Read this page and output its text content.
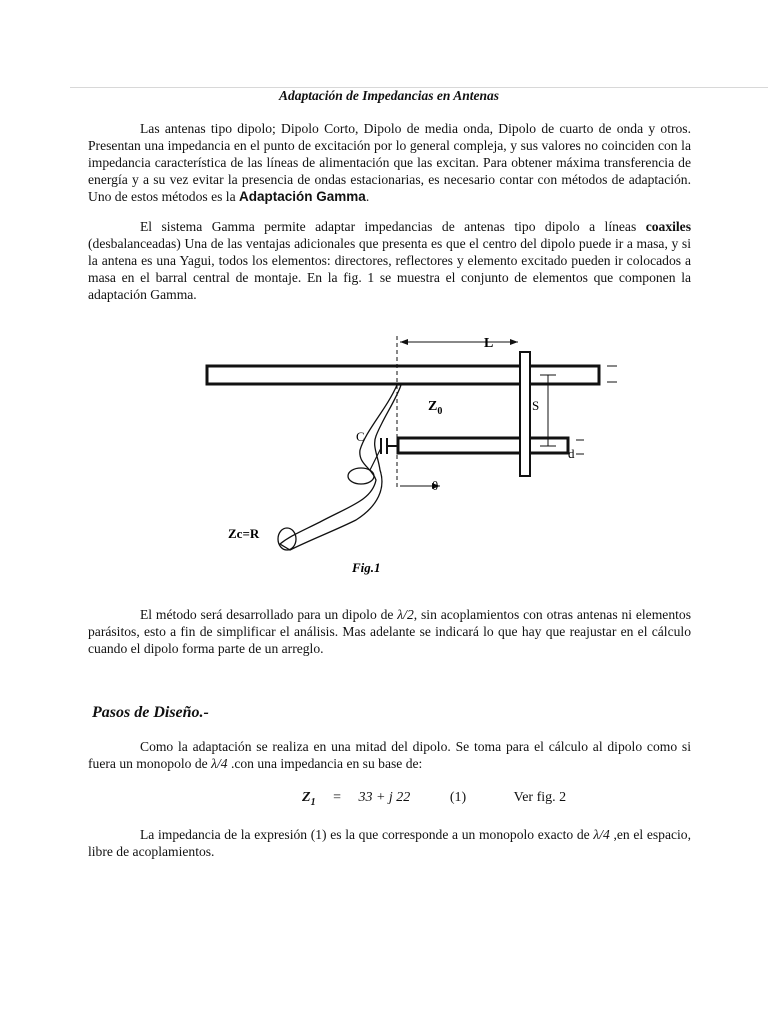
Adaptación de Impedancias en Antenas

Las antenas tipo dipolo; Dipolo Corto, Dipolo de media onda, Dipolo de cuarto de onda y otros. Presentan una impedancia en el punto de excitación por lo general compleja, y sus valores no coinciden con la impedancia característica de las líneas de alimentación que las excitan. Para obtener máxima transferencia de energía y a su vez evitar la presencia de ondas estacionarias, es necesario contar con métodos de adaptación. Uno de estos métodos es la Adaptación Gamma.

El sistema Gamma permite adaptar impedancias de antenas tipo dipolo a líneas coaxiles (desbalanceadas) Una de las ventajas adicionales que presenta es que el centro del dipolo puede ir a masa, y si la antena es una Yagui, todos los elementos: directores, reflectores y elemento excitado pueden ir colocados a masa en el barral central de montaje. En la fig. 1 se muestra el conjunto de elementos que componen la adaptación Gamma.

L
S
d
$Z_0$
C
θ
Zc=R
Fig.1

El método será desarrollado para un dipolo de λ/2, sin acoplamientos con otras antenas ni elementos parásitos, esto a fin de simplificar el análisis. Mas adelante se indicará lo que hay que reajustar en el cálculo cuando el dipolo forma parte de un arreglo.

Pasos de Diseño.-

Como la adaptación se realiza en una mitad del dipolo. Se toma para el cálculo al dipolo como si fuera un monopolo de λ/4 .con una impedancia en su base de:

$Z_1 = 33 + j$ 22	(1)	Ver fig. 2

La impedancia de la expresión (1) es la que corresponde a un monopolo exacto de λ/4 ,en el espacio, libre de acoplamientos.
